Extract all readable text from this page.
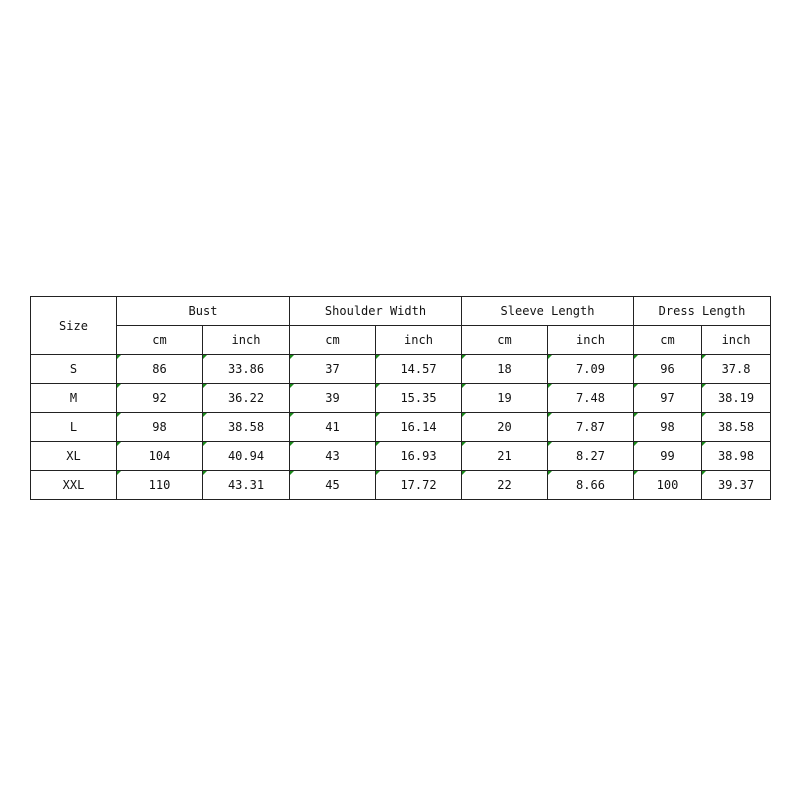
Size	Bust		Shoulder Width		Sleeve Length		Dress Length	
	cm	inch	cm	inch	cm	inch	cm	inch
S	86	33.86	37	14.57	18	7.09	96	37.8
M	92	36.22	39	15.35	19	7.48	97	38.19
L	98	38.58	41	16.14	20	7.87	98	38.58
XL	104	40.94	43	16.93	21	8.27	99	38.98
XXL	110	43.31	45	17.72	22	8.66	100	39.37
